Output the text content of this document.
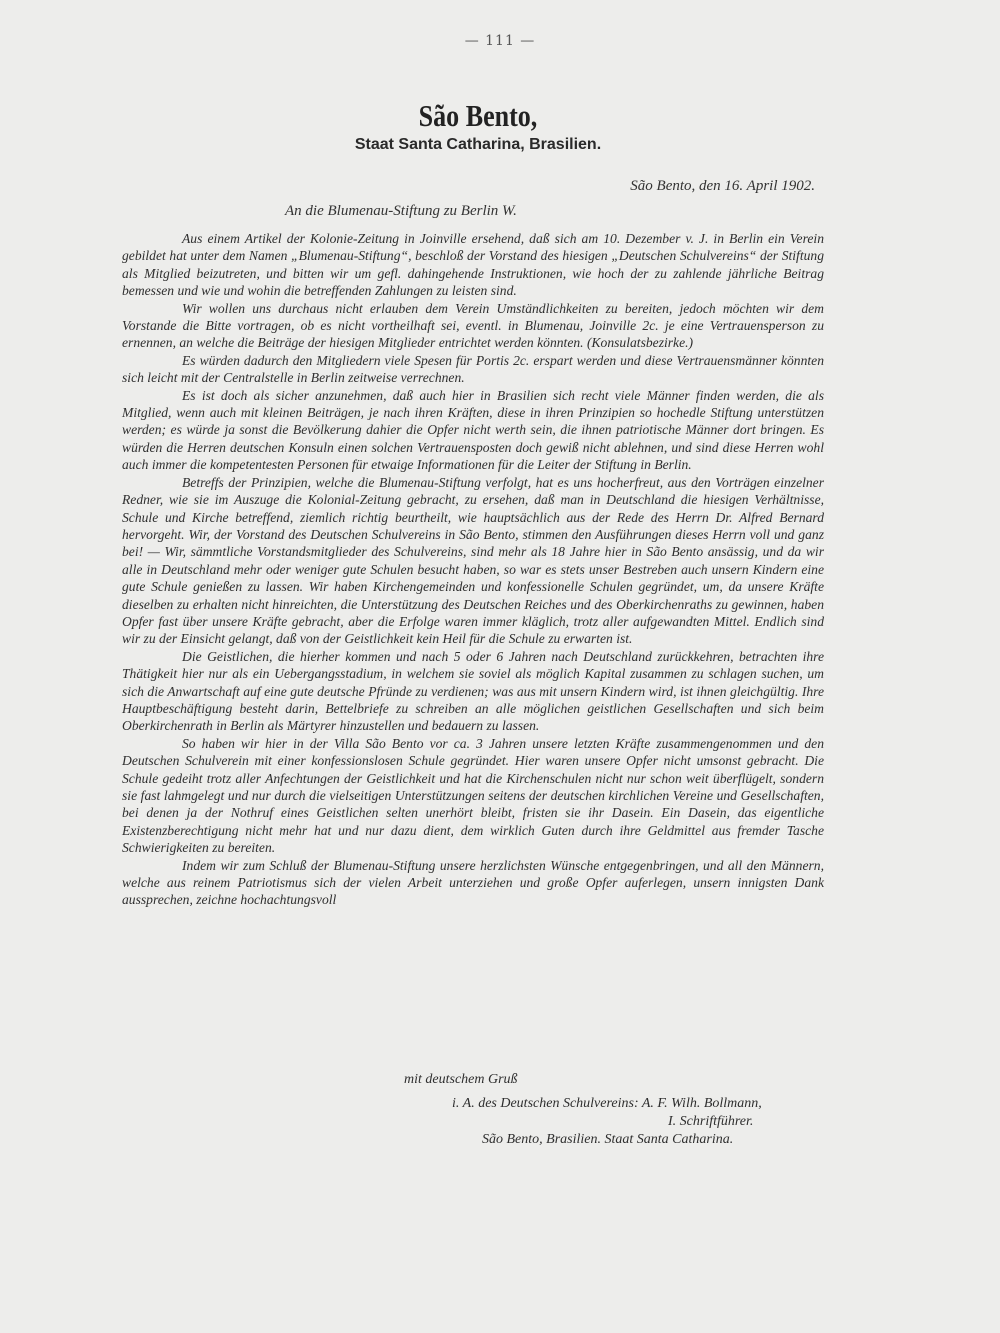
— 111 —
São Bento,
Staat Santa Catharina, Brasilien.
São Bento, den 16. April 1902.
An die Blumenau-Stiftung zu Berlin W.

Aus einem Artikel der Kolonie-Zeitung in Joinville ersehend, daß sich am 10. Dezember v. J. in Berlin ein Verein gebildet hat unter dem Namen „Blumenau-Stiftung“, beschloß der Vorstand des hiesigen „Deutschen Schulvereins“ der Stiftung als Mitglied beizutreten, und bitten wir um gefl. dahingehende Instruktionen, wie hoch der zu zahlende jährliche Beitrag bemessen und wie und wohin die betreffenden Zahlungen zu leisten sind.

Wir wollen uns durchaus nicht erlauben dem Verein Umständlichkeiten zu bereiten, jedoch möchten wir dem Vorstande die Bitte vortragen, ob es nicht vortheilhaft sei, eventl. in Blumenau, Joinville 2c. je eine Vertrauensperson zu ernennen, an welche die Beiträge der hiesigen Mitglieder entrichtet werden könnten. (Konsulatsbezirke.)

Es würden dadurch den Mitgliedern viele Spesen für Portis 2c. erspart werden und diese Vertrauensmänner könnten sich leicht mit der Centralstelle in Berlin zeitweise verrechnen.

Es ist doch als sicher anzunehmen, daß auch hier in Brasilien sich recht viele Männer finden werden, die als Mitglied, wenn auch mit kleinen Beiträgen, je nach ihren Kräften, diese in ihren Prinzipien so hochedle Stiftung unterstützen werden; es würde ja sonst die Bevölkerung dahier die Opfer nicht werth sein, die ihnen patriotische Männer dort bringen. Es würden die Herren deutschen Konsuln einen solchen Vertrauensposten doch gewiß nicht ablehnen, und sind diese Herren wohl auch immer die kompetentesten Personen für etwaige Informationen für die Leiter der Stiftung in Berlin.

Betreffs der Prinzipien, welche die Blumenau-Stiftung verfolgt, hat es uns hocherfreut, aus den Vorträgen einzelner Redner, wie sie im Auszuge die Kolonial-Zeitung gebracht, zu ersehen, daß man in Deutschland die hiesigen Verhältnisse, Schule und Kirche betreffend, ziemlich richtig beurtheilt, wie hauptsächlich aus der Rede des Herrn Dr. Alfred Bernard hervorgeht. Wir, der Vorstand des Deutschen Schulvereins in São Bento, stimmen den Ausführungen dieses Herrn voll und ganz bei! — Wir, sämmtliche Vorstandsmitglieder des Schulvereins, sind mehr als 18 Jahre hier in São Bento ansässig, und da wir alle in Deutschland mehr oder weniger gute Schulen besucht haben, so war es stets unser Bestreben auch unsern Kindern eine gute Schule genießen zu lassen. Wir haben Kirchengemeinden und konfessionelle Schulen gegründet, um, da unsere Kräfte dieselben zu erhalten nicht hinreichten, die Unterstützung des Deutschen Reiches und des Oberkirchenraths zu gewinnen, haben Opfer fast über unsere Kräfte gebracht, aber die Erfolge waren immer kläglich, trotz aller aufgewandten Mittel. Endlich sind wir zu der Einsicht gelangt, daß von der Geistlichkeit kein Heil für die Schule zu erwarten ist.

Die Geistlichen, die hierher kommen und nach 5 oder 6 Jahren nach Deutschland zurückkehren, betrachten ihre Thätigkeit hier nur als ein Uebergangsstadium, in welchem sie soviel als möglich Kapital zusammen zu schlagen suchen, um sich die Anwartschaft auf eine gute deutsche Pfründe zu verdienen; was aus mit unsern Kindern wird, ist ihnen gleichgültig. Ihre Hauptbeschäftigung besteht darin, Bettelbriefe zu schreiben an alle möglichen geistlichen Gesellschaften und sich beim Oberkirchenrath in Berlin als Märtyrer hinzustellen und bedauern zu lassen.

So haben wir hier in der Villa São Bento vor ca. 3 Jahren unsere letzten Kräfte zusammengenommen und den Deutschen Schulverein mit einer konfessionslosen Schule gegründet. Hier waren unsere Opfer nicht umsonst gebracht. Die Schule gedeiht trotz aller Anfechtungen der Geistlichkeit und hat die Kirchenschulen nicht nur schon weit überflügelt, sondern sie fast lahmgelegt und nur durch die vielseitigen Unterstützungen seitens der deutschen kirchlichen Vereine und Gesellschaften, bei denen ja der Nothruf eines Geistlichen selten unerhört bleibt, fristen sie ihr Dasein. Ein Dasein, das eigentliche Existenzberechtigung nicht mehr hat und nur dazu dient, dem wirklich Guten durch ihre Geldmittel aus fremder Tasche Schwierigkeiten zu bereiten.

Indem wir zum Schluß der Blumenau-Stiftung unsere herzlichsten Wünsche entgegenbringen, und all den Männern, welche aus reinem Patriotismus sich der vielen Arbeit unterziehen und große Opfer auferlegen, unsern innigsten Dank aussprechen, zeichne hochachtungsvoll

mit deutschem Gruß
i. A. des Deutschen Schulvereins: A. F. Wilh. Bollmann,
I. Schriftführer.
São Bento, Brasilien. Staat Santa Catharina.
